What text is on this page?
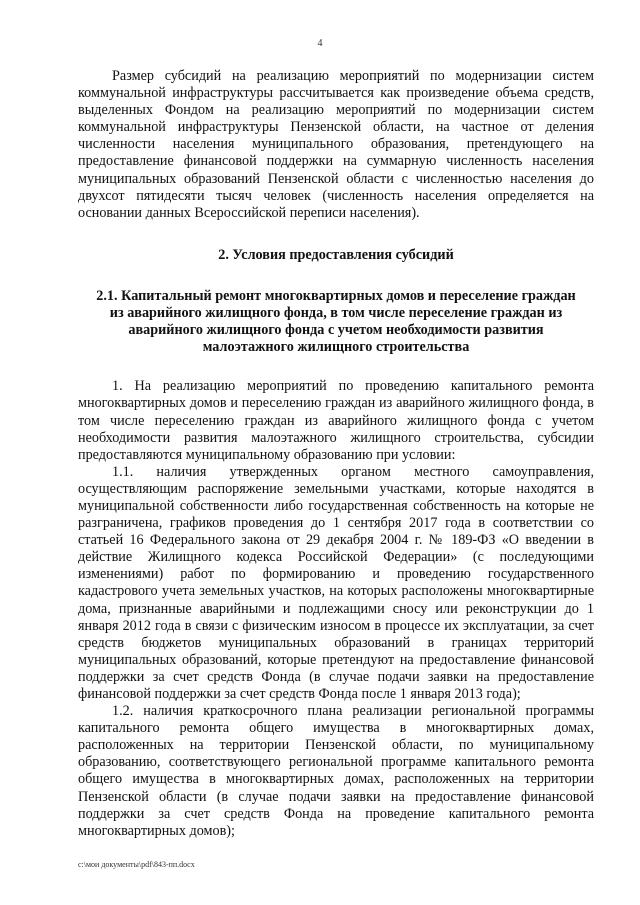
4

Размер субсидий на реализацию мероприятий по модернизации систем коммунальной инфраструктуры рассчитывается как произведение объема средств, выделенных Фондом на реализацию мероприятий по модернизации систем коммунальной инфраструктуры Пензенской области, на частное от деления численности населения муниципального образования, претендующего на предоставление финансовой поддержки на суммарную численность населения муниципальных образований Пензенской области с численностью населения до двухсот пятидесяти тысяч человек (численность населения определяется на основании данных Всероссийской переписи населения).

2. Условия предоставления субсидий
2.1. Капитальный ремонт многоквартирных домов и переселение граждан из аварийного жилищного фонда, в том числе переселение граждан из аварийного жилищного фонда с учетом необходимости развития малоэтажного жилищного строительства

1. На реализацию мероприятий по проведению капитального ремонта многоквартирных домов и переселению граждан из аварийного жилищного фонда, в том числе переселению граждан из аварийного жилищного фонда с учетом необходимости развития малоэтажного жилищного строительства, субсидии предоставляются муниципальному образованию при условии:

1.1. наличия утвержденных органом местного самоуправления, осуществляющим распоряжение земельными участками, которые находятся в муниципальной собственности либо государственная собственность на которые не разграничена, графиков проведения до 1 сентября 2017 года в соответствии со статьей 16 Федерального закона от 29 декабря 2004 г. № 189-ФЗ «О введении в действие Жилищного кодекса Российской Федерации» (с последующими изменениями) работ по формированию и проведению государственного кадастрового учета земельных участков, на которых расположены многоквартирные дома, признанные аварийными и подлежащими сносу или реконструкции до 1 января 2012 года в связи с физическим износом в процессе их эксплуатации, за счет средств бюджетов муниципальных образований в границах территорий муниципальных образований, которые претендуют на предоставление финансовой поддержки за счет средств Фонда (в случае подачи заявки на предоставление финансовой поддержки за счет средств Фонда после 1 января 2013 года);

1.2. наличия краткосрочного плана реализации региональной программы капитального ремонта общего имущества в многоквартирных домах, расположенных на территории Пензенской области, по муниципальному образованию, соответствующего региональной программе капитального ремонта общего имущества в многоквартирных домах, расположенных на территории Пензенской области (в случае подачи заявки на предоставление финансовой поддержки за счет средств Фонда на проведение капитального ремонта многоквартирных домов);

c:\мои документы\pdf\843-пп.docx
